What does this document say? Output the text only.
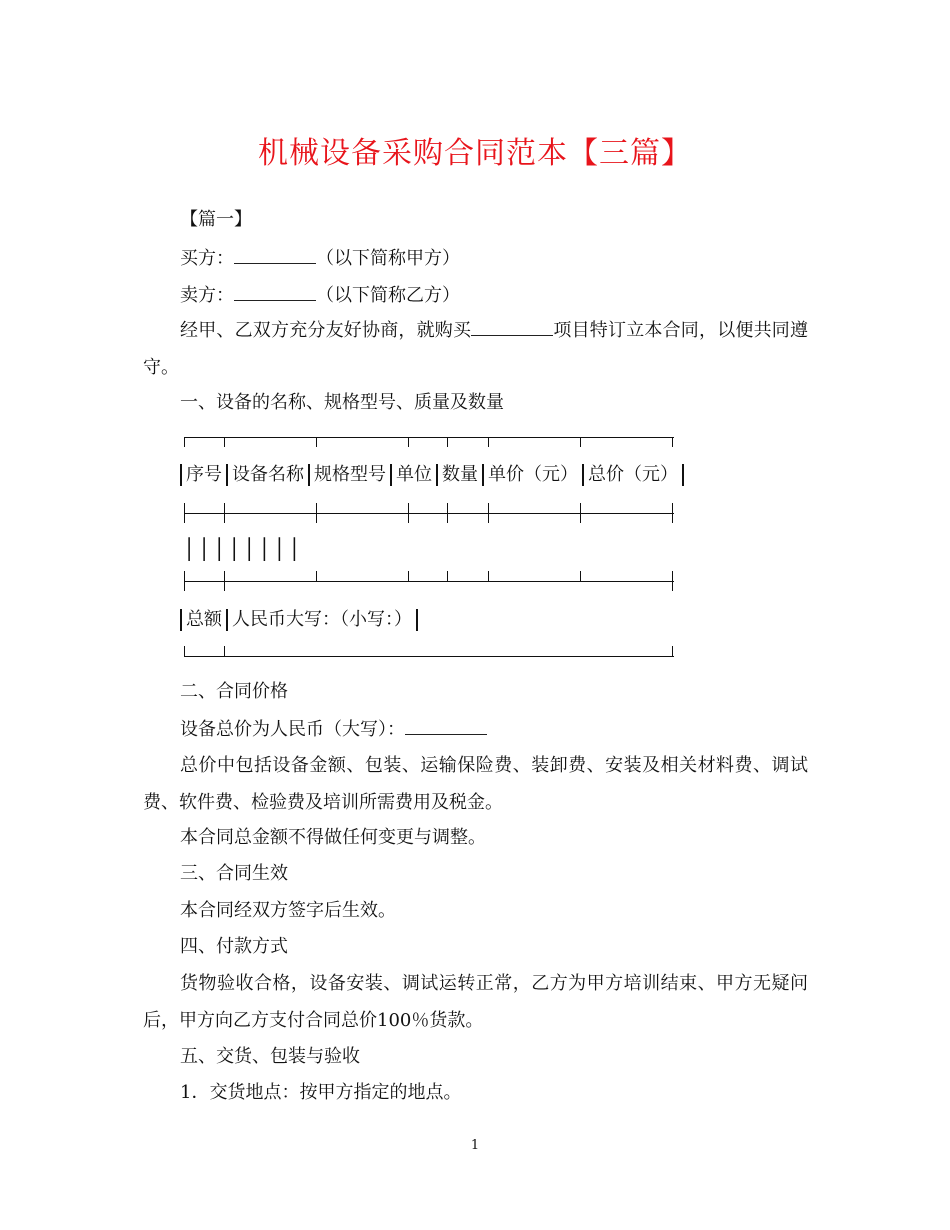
机械设备采购合同范本【三篇】
【篇一】
买方：	（以下简称甲方）
卖方：	（以下简称乙方）
经甲、乙双方充分友好协商，就购买	项目特订立本合同，以便共同遵守。
一、设备的名称、规格型号、质量及数量
序号 设备名称 规格型号 单位 数量 单价（元） 总价（元）
││││││││
总额 人民币大写：（小写：）
二、合同价格
设备总价为人民币（大写）：
总价中包括设备金额、包装、运输保险费、装卸费、安装及相关材料费、调试费、软件费、检验费及培训所需费用及税金。
本合同总金额不得做任何变更与调整。
三、合同生效
本合同经双方签字后生效。
四、付款方式
货物验收合格，设备安装、调试运转正常，乙方为甲方培训结束、甲方无疑问后，甲方向乙方支付合同总价100％货款。
五、交货、包装与验收
1．交货地点：按甲方指定的地点。
1
